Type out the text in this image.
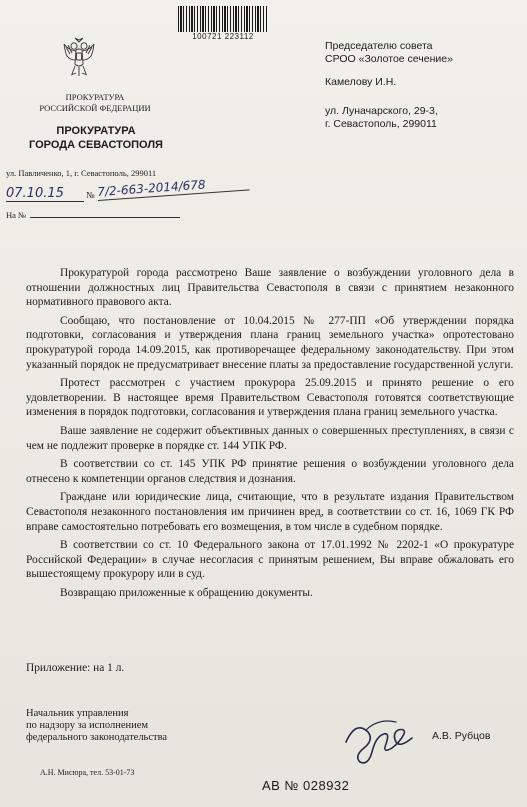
100721 223112
ПРОКУРАТУРА
РОССИЙСКОЙ ФЕДЕРАЦИИ
ПРОКУРАТУРА
ГОРОДА СЕВАСТОПОЛЯ
ул. Павличенко, 1, г. Севастополь, 299011
07.10.15	№ 7/2-663-2014/678
На №
Председателю совета
СРОО «Золотое сечение»
Камелову И.Н.
ул. Луначарского, 29-3,
г. Севастополь, 299011

Прокуратурой города рассмотрено Ваше заявление о возбуждении уголовного дела в отношении должностных лиц Правительства Севастополя в связи с принятием незаконного нормативного правового акта.

Сообщаю, что постановление от 10.04.2015 № 277-ПП «Об утверждении порядка подготовки, согласования и утверждения плана границ земельного участка» опротестовано прокуратурой города 14.09.2015, как противоречащее федеральному законодательству. При этом указанный порядок не предусматривает внесение платы за предоставление государственной услуги.

Протест рассмотрен с участием прокурора 25.09.2015 и принято решение о его удовлетворении. В настоящее время Правительством Севастополя готовятся соответствующие изменения в порядок подготовки, согласования и утверждения плана границ земельного участка.

Ваше заявление не содержит объективных данных о совершенных преступлениях, в связи с чем не подлежит проверке в порядке ст. 144 УПК РФ.

В соответствии со ст. 145 УПК РФ принятие решения о возбуждении уголовного дела отнесено к компетенции органов следствия и дознания.

Граждане или юридические лица, считающие, что в результате издания Правительством Севастополя незаконного постановления им причинен вред, в соответствии со ст. 16, 1069 ГК РФ вправе самостоятельно потребовать его возмещения, в том числе в судебном порядке.

В соответствии со ст. 10 Федерального закона от 17.01.1992 № 2202-1 «О прокуратуре Российской Федерации» в случае несогласия с принятым решением, Вы вправе обжаловать его вышестоящему прокурору или в суд.

Возвращаю приложенные к обращению документы.

Приложение: на 1 л.
Начальник управления
по надзору за исполнением
федерального законодательства	А.В. Рубцов
А.Н. Мисюра, тел. 53-01-73
АВ № 028932
